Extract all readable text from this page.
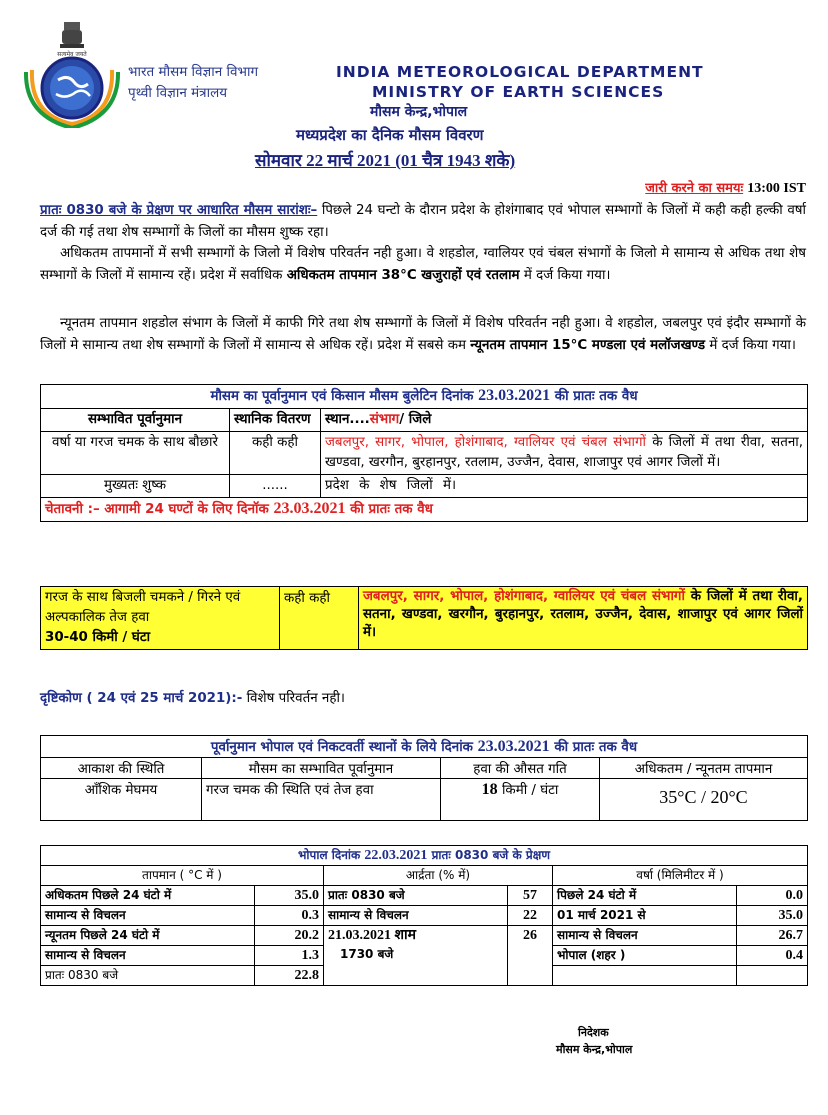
सत्यमेव जयते
भारत मौसम विज्ञान विभाग
पृथ्वी विज्ञान मंत्रालय
INDIA METEOROLOGICAL DEPARTMENT
MINISTRY OF EARTH SCIENCES
मौसम केन्द्र,भोपाल
मध्यप्रदेश का दैनिक मौसम विवरण
सोमवार 22 मार्च 2021 (01 चैत्र 1943 शके)
जारी करने का समयः 13:00 IST
प्रातः 0830 बजे के प्रेक्षण पर आधारित मौसम सारांशः– पिछले 24 घन्टो के दौरान प्रदेश के होशंगाबाद एवं भोपाल सम्भागों के जिलों में कही कही हल्की वर्षा दर्ज की गई तथा शेष सम्भागों के जिलों का मौसम शुष्क रहा।
अधिकतम तापमानों में सभी सम्भागों के जिलो में विशेष परिवर्तन नही हुआ। वे शहडोल, ग्वालियर एवं चंबल संभागों के जिलो मे सामान्य से अधिक तथा शेष सम्भागों के जिलों में सामान्य रहें। प्रदेश में सर्वाधिक अधिकतम तापमान 38°C खजुराहों एवं रतलाम में दर्ज किया गया।
न्यूनतम तापमान शहडोल संभाग के जिलों में काफी गिरे तथा शेष सम्भागों के जिलों में विशेष परिवर्तन नही हुआ। वे शहडोल, जबलपुर एवं इंदौर सम्भागों के जिलों मे सामान्य तथा शेष सम्भागों के जिलों में सामान्य से अधिक रहें। प्रदेश में सबसे कम न्यूनतम तापमान 15°C मण्डला एवं मलॉजखण्ड में दर्ज किया गया।
मौसम का पूर्वानुमान एवं किसान मौसम बुलेटिन दिनांक 23.03.2021 की प्रातः तक वैध		
सम्भावित पूर्वानुमान	स्थानिक वितरण	स्थान....संभाग/ जिले
वर्षा या गरज चमक के साथ बौछारे	कही कही	जबलपुर, सागर, भोपाल, होशंगाबाद, ग्वालियर एवं चंबल संभागों के जिलों में तथा रीवा, सतना, खण्डवा, खरगौन, बुरहानपुर, रतलाम, उज्जैन, देवास, शाजापुर एवं आगर जिलों में।
मुख्यतः शुष्क	......	प्रदेश के शेष जिलों में।
चेतावनी :– आगामी 24 घण्टों के लिए दिनॉक 23.03.2021 की प्रातः तक वैध		
गरज के साथ बिजली चमकने / गिरने एवं अल्पकालिक तेज हवा
30-40 किमी / घंटा	कही कही	जबलपुर, सागर, भोपाल, होशंगाबाद, ग्वालियर एवं चंबल संभागों के जिलों में तथा रीवा, सतना, खण्डवा, खरगौन, बुरहानपुर, रतलाम, उज्जैन, देवास, शाजापुर एवं आगर जिलों में।
दृष्टिकोण ( 24 एवं 25 मार्च 2021):- विशेष परिवर्तन नही।
पूर्वानुमान भोपाल एवं निकटवर्ती स्थानों के लिये दिनांक 23.03.2021 की प्रातः तक वैध			
आकाश की स्थिति	मौसम का सम्भावित पूर्वानुमान	हवा की औसत गति	अधिकतम / न्यूनतम तापमान
ऑंशिक मेघमय	गरज चमक की स्थिति एवं तेज हवा	18 किमी / घंटा	35°C / 20°C
भोपाल दिनांक 22.03.2021 प्रातः 0830 बजे के प्रेक्षण					
तापमान ( °C में )		आर्द्रता (% में)		वर्षा (मिलिमीटर में )	
अधिकतम पिछले 24 घंटो में	35.0	प्रातः 0830 बजे	57	पिछले 24 घंटो में	0.0
सामान्य से विचलन	0.3	सामान्य से विचलन	22	01 मार्च 2021 से	35.0
न्यूनतम पिछले 24 घंटो में	20.2	21.03.2021 शाम
1730 बजे	26	सामान्य से विचलन	26.7
सामान्य से विचलन	1.3			भोपाल (शहर )	0.4
प्रातः 0830 बजे	22.8				
निदेशक
मौसम केन्द्र,भोपाल
